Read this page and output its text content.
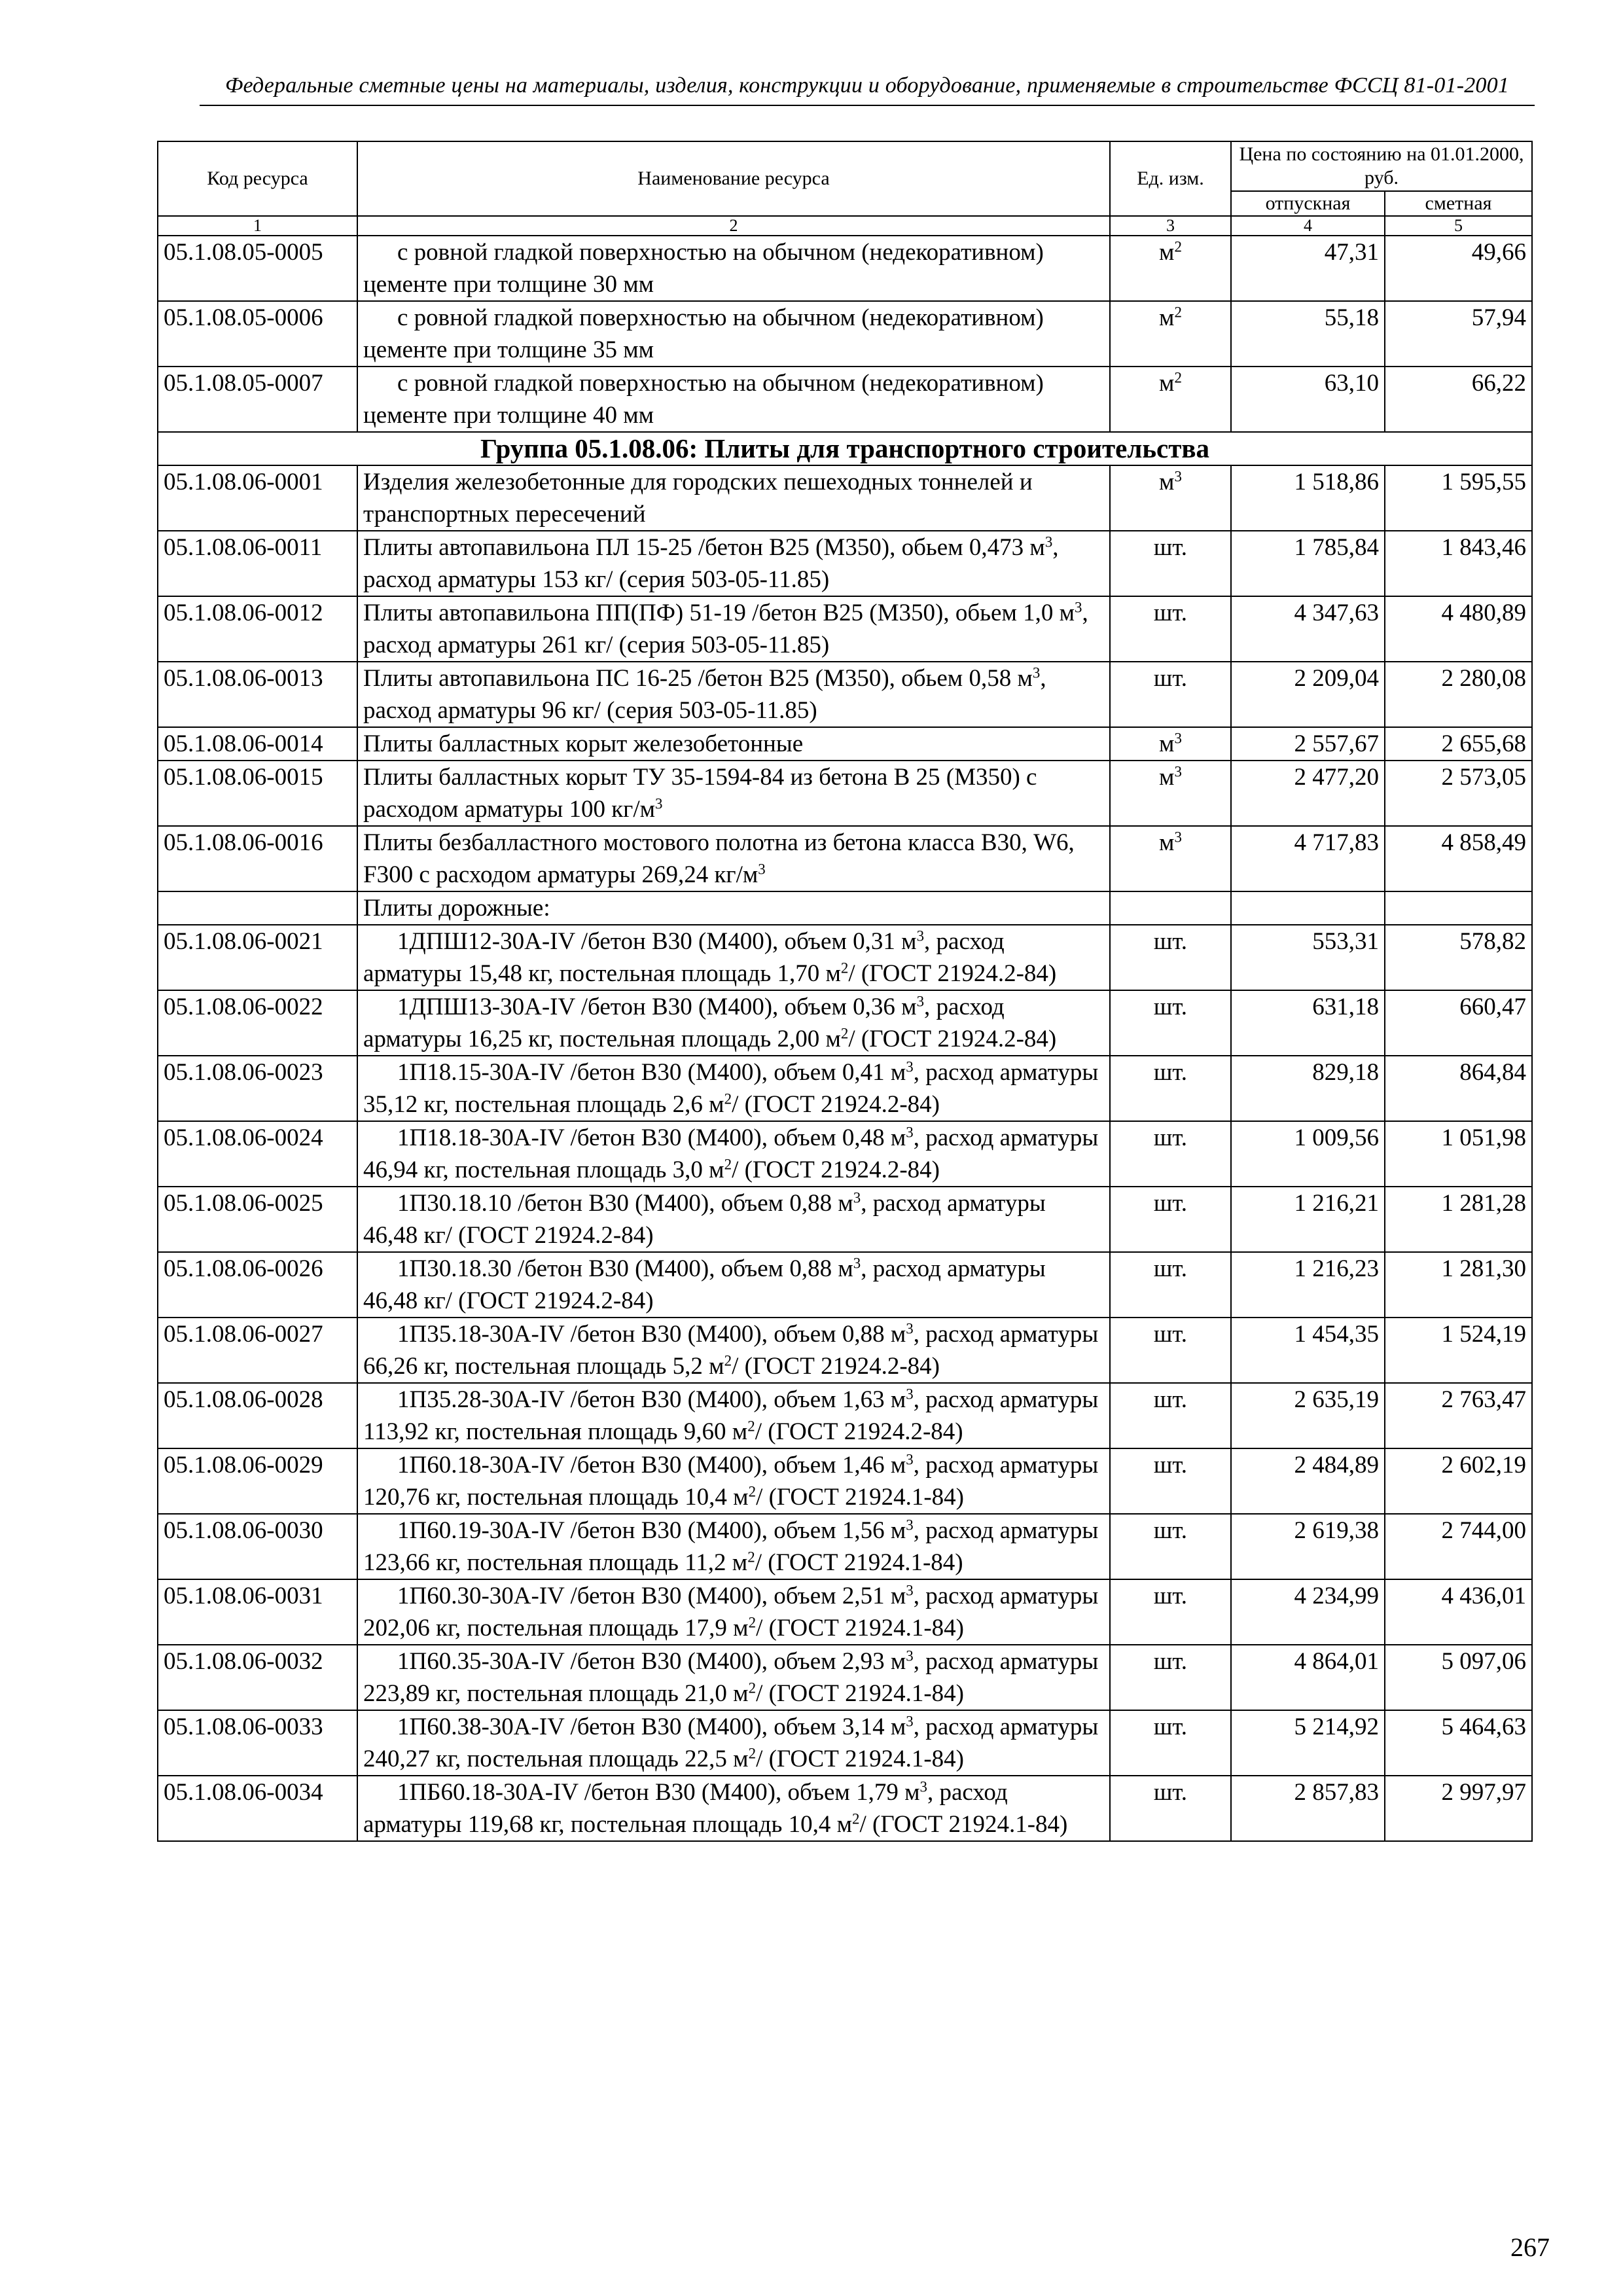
Федеральные сметные цены на материалы, изделия, конструкции и оборудование, применяемые в строительстве ФССЦ 81-01-2001
Код ресурса	Наименование ресурса	Ед. изм.	Цена по состоянию на 01.01.2000, руб.	
			отпускная	сметная
1	2	3	4	5
05.1.08.05-0005	с ровной гладкой поверхностью на обычном (недекоративном) цементе при толщине 30 мм	$м^2$	47,31	49,66
05.1.08.05-0006	с ровной гладкой поверхностью на обычном (недекоративном) цементе при толщине 35 мм	$м^2$	55,18	57,94
05.1.08.05-0007	с ровной гладкой поверхностью на обычном (недекоративном) цементе при толщине 40 мм	$м^2$	63,10	66,22
Группа 05.1.08.06: Плиты для транспортного строительства				
05.1.08.06-0001	Изделия железобетонные для городских пешеходных тоннелей и транспортных пересечений	$м^3$	1 518,86	1 595,55
05.1.08.06-0011	Плиты автопавильона ПЛ 15-25 /бетон В25 (М350), обьем 0,473 $м^3$, расход арматуры 153 кг/ (серия 503-05-11.85)	шт.	1 785,84	1 843,46
05.1.08.06-0012	Плиты автопавильона ПП(ПФ) 51-19 /бетон В25 (М350), обьем 1,0 $м^3$, расход арматуры 261 кг/ (серия 503-05-11.85)	шт.	4 347,63	4 480,89
05.1.08.06-0013	Плиты автопавильона ПС 16-25 /бетон В25 (М350), обьем 0,58 $м^3$, расход арматуры 96 кг/ (серия 503-05-11.85)	шт.	2 209,04	2 280,08
05.1.08.06-0014	Плиты балластных корыт железобетонные	$м^3$	2 557,67	2 655,68
05.1.08.06-0015	Плиты балластных корыт ТУ 35-1594-84 из бетона В 25 (М350) с расходом арматуры 100 $кг/м^3$	$м^3$	2 477,20	2 573,05
05.1.08.06-0016	Плиты безбалластного мостового полотна из бетона класса В30, W6, F300 с расходом арматуры 269,24 $кг/м^3$	$м^3$	4 717,83	4 858,49
	Плиты дорожные:			
05.1.08.06-0021	1ДПШ12-30А-IV /бетон В30 (М400), объем 0,31 $м^3$, расход арматуры 15,48 кг, постельная площадь 1,70 $м^2/$ (ГОСТ 21924.2-84)	шт.	553,31	578,82
05.1.08.06-0022	1ДПШ13-30А-IV /бетон В30 (М400), объем 0,36 $м^3$, расход арматуры 16,25 кг, постельная площадь 2,00 $м^2/$ (ГОСТ 21924.2-84)	шт.	631,18	660,47
05.1.08.06-0023	1П18.15-30А-IV /бетон В30 (М400), объем 0,41 $м^3$, расход арматуры 35,12 кг, постельная площадь 2,6 $м^2/$ (ГОСТ 21924.2-84)	шт.	829,18	864,84
05.1.08.06-0024	1П18.18-30А-IV /бетон В30 (М400), объем 0,48 $м^3$, расход арматуры 46,94 кг, постельная площадь 3,0 $м^2/$ (ГОСТ 21924.2-84)	шт.	1 009,56	1 051,98
05.1.08.06-0025	1П30.18.10 /бетон В30 (М400), объем 0,88 $м^3$, расход арматуры 46,48 кг/ (ГОСТ 21924.2-84)	шт.	1 216,21	1 281,28
05.1.08.06-0026	1П30.18.30 /бетон В30 (М400), объем 0,88 $м^3$, расход арматуры 46,48 кг/ (ГОСТ 21924.2-84)	шт.	1 216,23	1 281,30
05.1.08.06-0027	1П35.18-30А-IV /бетон В30 (М400), объем 0,88 $м^3$, расход арматуры 66,26 кг, постельная площадь 5,2 $м^2/$ (ГОСТ 21924.2-84)	шт.	1 454,35	1 524,19
05.1.08.06-0028	1П35.28-30А-IV /бетон В30 (М400), объем 1,63 $м^3$, расход арматуры 113,92 кг, постельная площадь 9,60 $м^2/$ (ГОСТ 21924.2-84)	шт.	2 635,19	2 763,47
05.1.08.06-0029	1П60.18-30А-IV /бетон В30 (М400), объем 1,46 $м^3$, расход арматуры 120,76 кг, постельная площадь 10,4 $м^2/$ (ГОСТ 21924.1-84)	шт.	2 484,89	2 602,19
05.1.08.06-0030	1П60.19-30А-IV /бетон В30 (М400), объем 1,56 $м^3$, расход арматуры 123,66 кг, постельная площадь 11,2 $м^2/$ (ГОСТ 21924.1-84)	шт.	2 619,38	2 744,00
05.1.08.06-0031	1П60.30-30А-IV /бетон В30 (М400), объем 2,51 $м^3$, расход арматуры 202,06 кг, постельная площадь 17,9 $м^2/$ (ГОСТ 21924.1-84)	шт.	4 234,99	4 436,01
05.1.08.06-0032	1П60.35-30А-IV /бетон В30 (М400), объем 2,93 $м^3$, расход арматуры 223,89 кг, постельная площадь 21,0 $м^2/$ (ГОСТ 21924.1-84)	шт.	4 864,01	5 097,06
05.1.08.06-0033	1П60.38-30А-IV /бетон В30 (М400), объем 3,14 $м^3$, расход арматуры 240,27 кг, постельная площадь 22,5 $м^2/$ (ГОСТ 21924.1-84)	шт.	5 214,92	5 464,63
05.1.08.06-0034	1ПБ60.18-30А-IV /бетон В30 (М400), объем 1,79 $м^3$, расход арматуры 119,68 кг, постельная площадь 10,4 $м^2/$ (ГОСТ 21924.1-84)	шт.	2 857,83	2 997,97
267
